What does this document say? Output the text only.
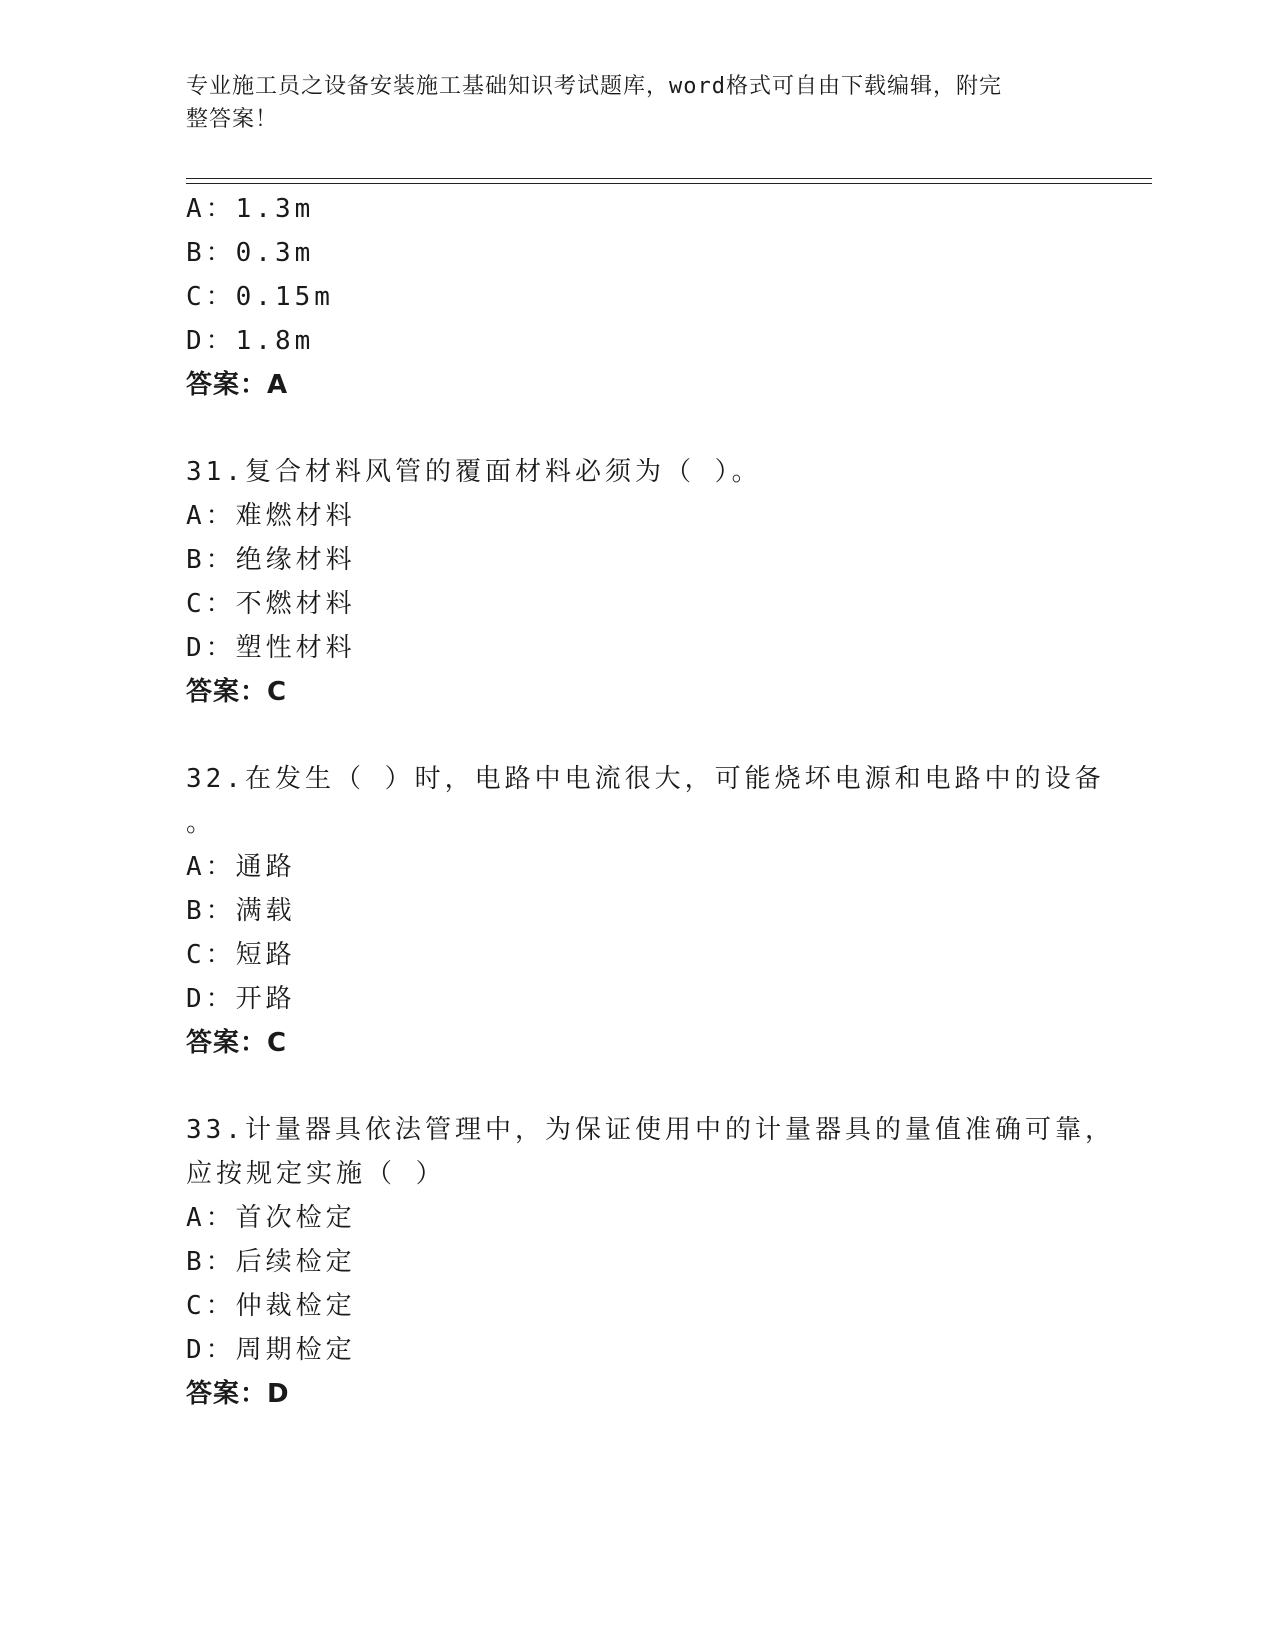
专业施工员之设备安装施工基础知识考试题库，word格式可自由下载编辑，附完
整答案！
A：1.3m
B：0.3m
C：0.15m
D：1.8m
答案：A
31.复合材料风管的覆面材料必须为（ ）。
A：难燃材料
B：绝缘材料
C：不燃材料
D：塑性材料
答案：C
32.在发生（ ）时，电路中电流很大，可能烧坏电源和电路中的设备
。
A：通路
B：满载
C：短路
D：开路
答案：C
33.计量器具依法管理中，为保证使用中的计量器具的量值准确可靠，
应按规定实施（ ）
A：首次检定
B：后续检定
C：仲裁检定
D：周期检定
答案：D
